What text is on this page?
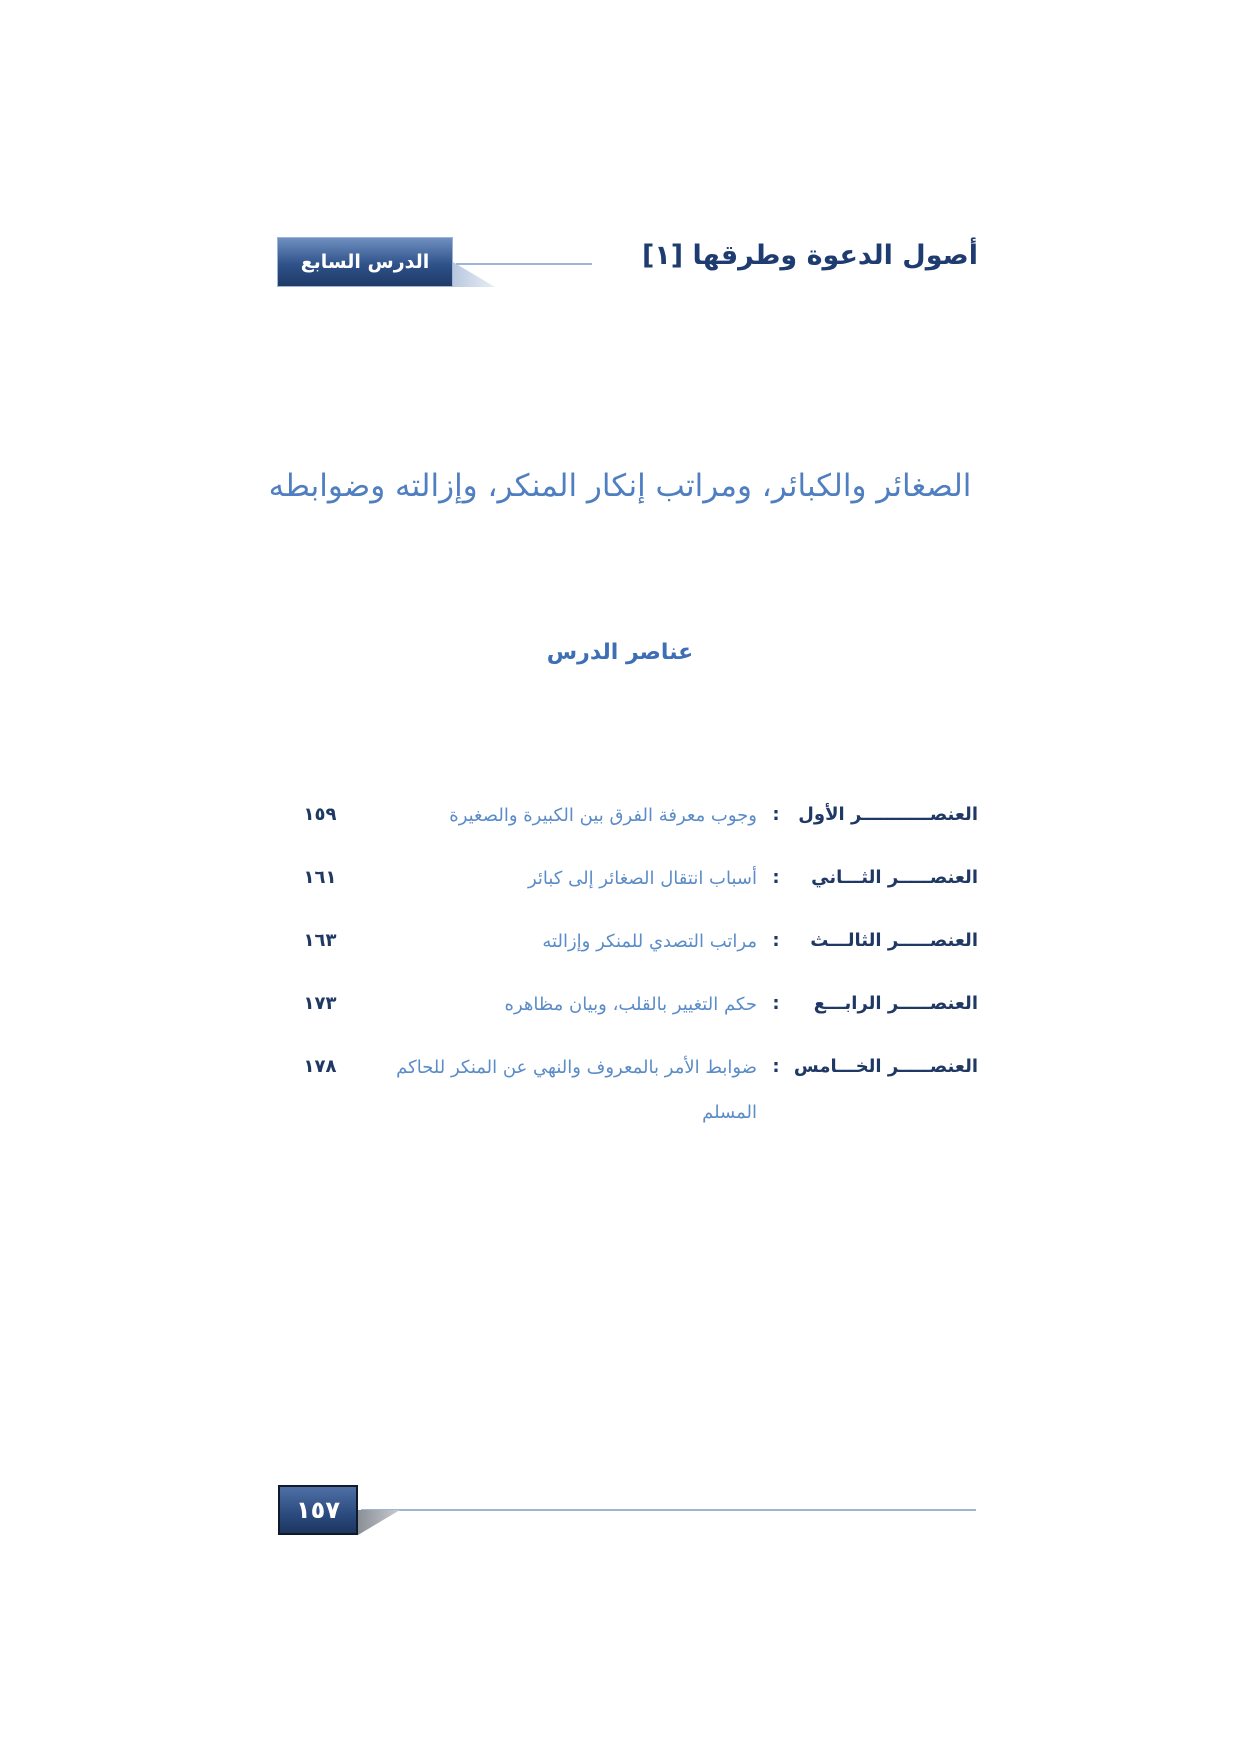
الدرس السابع	أصول الدعوة وطرقها [١]
الصغائر والكبائر، ومراتب إنكار المنكر، وإزالته وضوابطه
عناصر الدرس
العنصـــــــــــر الأول
:
وجوب معرفة الفرق بين الكبيرة والصغيرة
١٥٩
العنصـــــر الثـــاني
:
أسباب انتقال الصغائر إلى كبائر
١٦١
العنصـــــر الثالـــث
:
مراتب التصدي للمنكر وإزالته
١٦٣
العنصـــــر الرابـــع
:
حكم التغيير بالقلب، وبيان مظاهره
١٧٣
العنصـــــر الخـــامس
:
ضوابط الأمر بالمعروف والنهي عن المنكر للحاكم المسلم
١٧٨
١٥٧
